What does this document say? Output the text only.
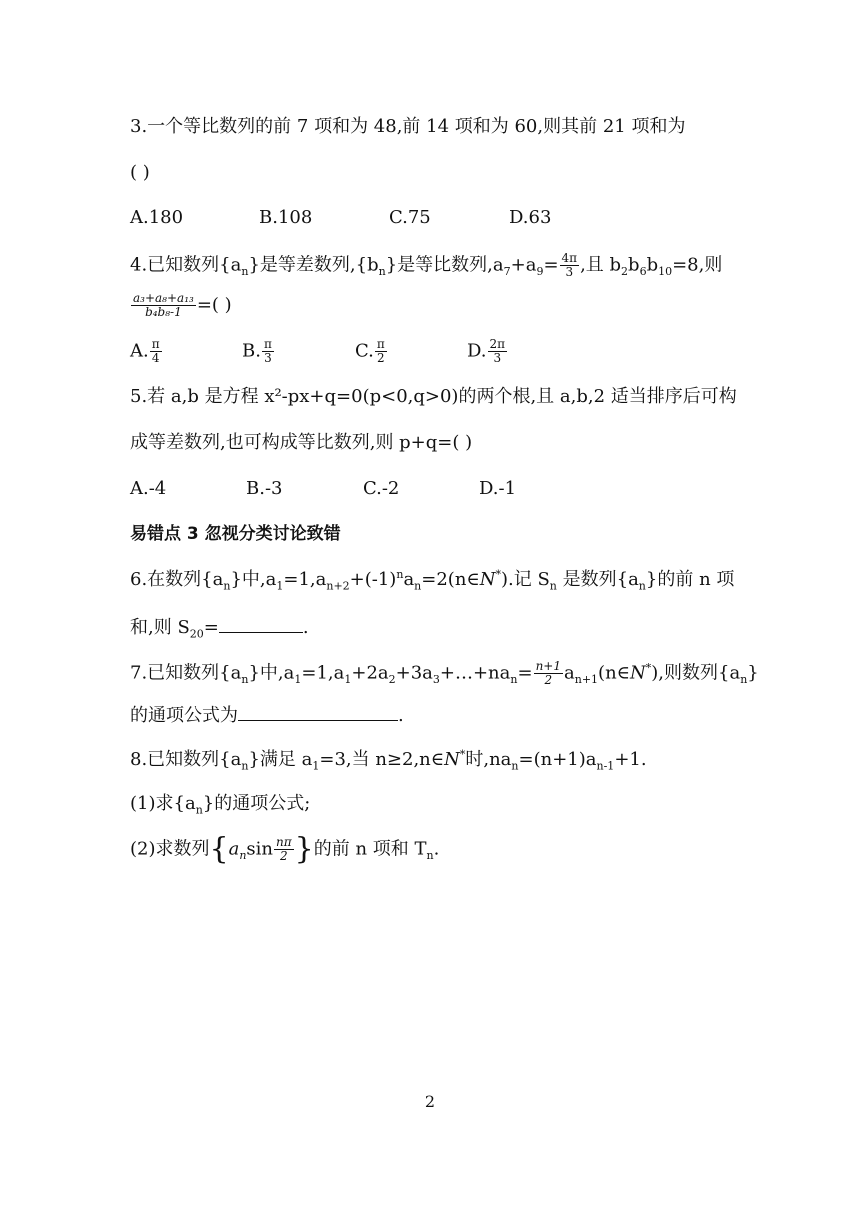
3.一个等比数列的前 7 项和为 48,前 14 项和为 60,则其前 21 项和为
( )
A.180	B.108	C.75	D.63
4.已知数列$\{a_n\}$是等差数列$,\{b_n\}$是等比数列$,a_7+a_9= \frac{4\pi}{3}$ ,且 $b_2b_6b_{10}=8$,则
$\frac{\text{a₃+a₈+a₁₃}}{\text{b₄b₈-1}}$ =( )
A. $\frac{\pi}{4}$	B. $\frac{\pi}{3}$	C. $\frac{\pi}{2}$	D. $\frac{2\pi}{3}$
5.若 a,b 是方程 x²-px+q=0(p<0,q>0)的两个根,且 a,b,2 适当排序后可构
成等差数列,也可构成等比数列,则 p+q=( )
A.-4	B.-3	C.-2	D.-1
易错点 3 忽视分类讨论致错
6.在数列$\{a_n\}$中$,a_1=1,a_{n+2}+(-1)^na_n=2(n\in N^*)$.记 $S_n$ 是数列$\{a_n\}$的前 n 项
和,则 $S_{20}=$	.
7.已知数列$\{a_n\}$中$,a_1=1,a_1+2a_2+3a_3+\dots+na_n= \frac{n+1}{2}$ $a_{n+1}(n\in N^*)$,则数列$\{a_n\}$
的通项公式为	.
8.已知数列$\{a_n\}$满足 $a_1=3$,当 n≥2,n∈N*时$,na_n=(n+1)a_{n-1}+1$.
(1)求$\{a_n\}$的通项公式;
(2)求数列{$a_n\sin \frac{n\pi}{2}$ }的前 n 项和 $T_n$.
2
